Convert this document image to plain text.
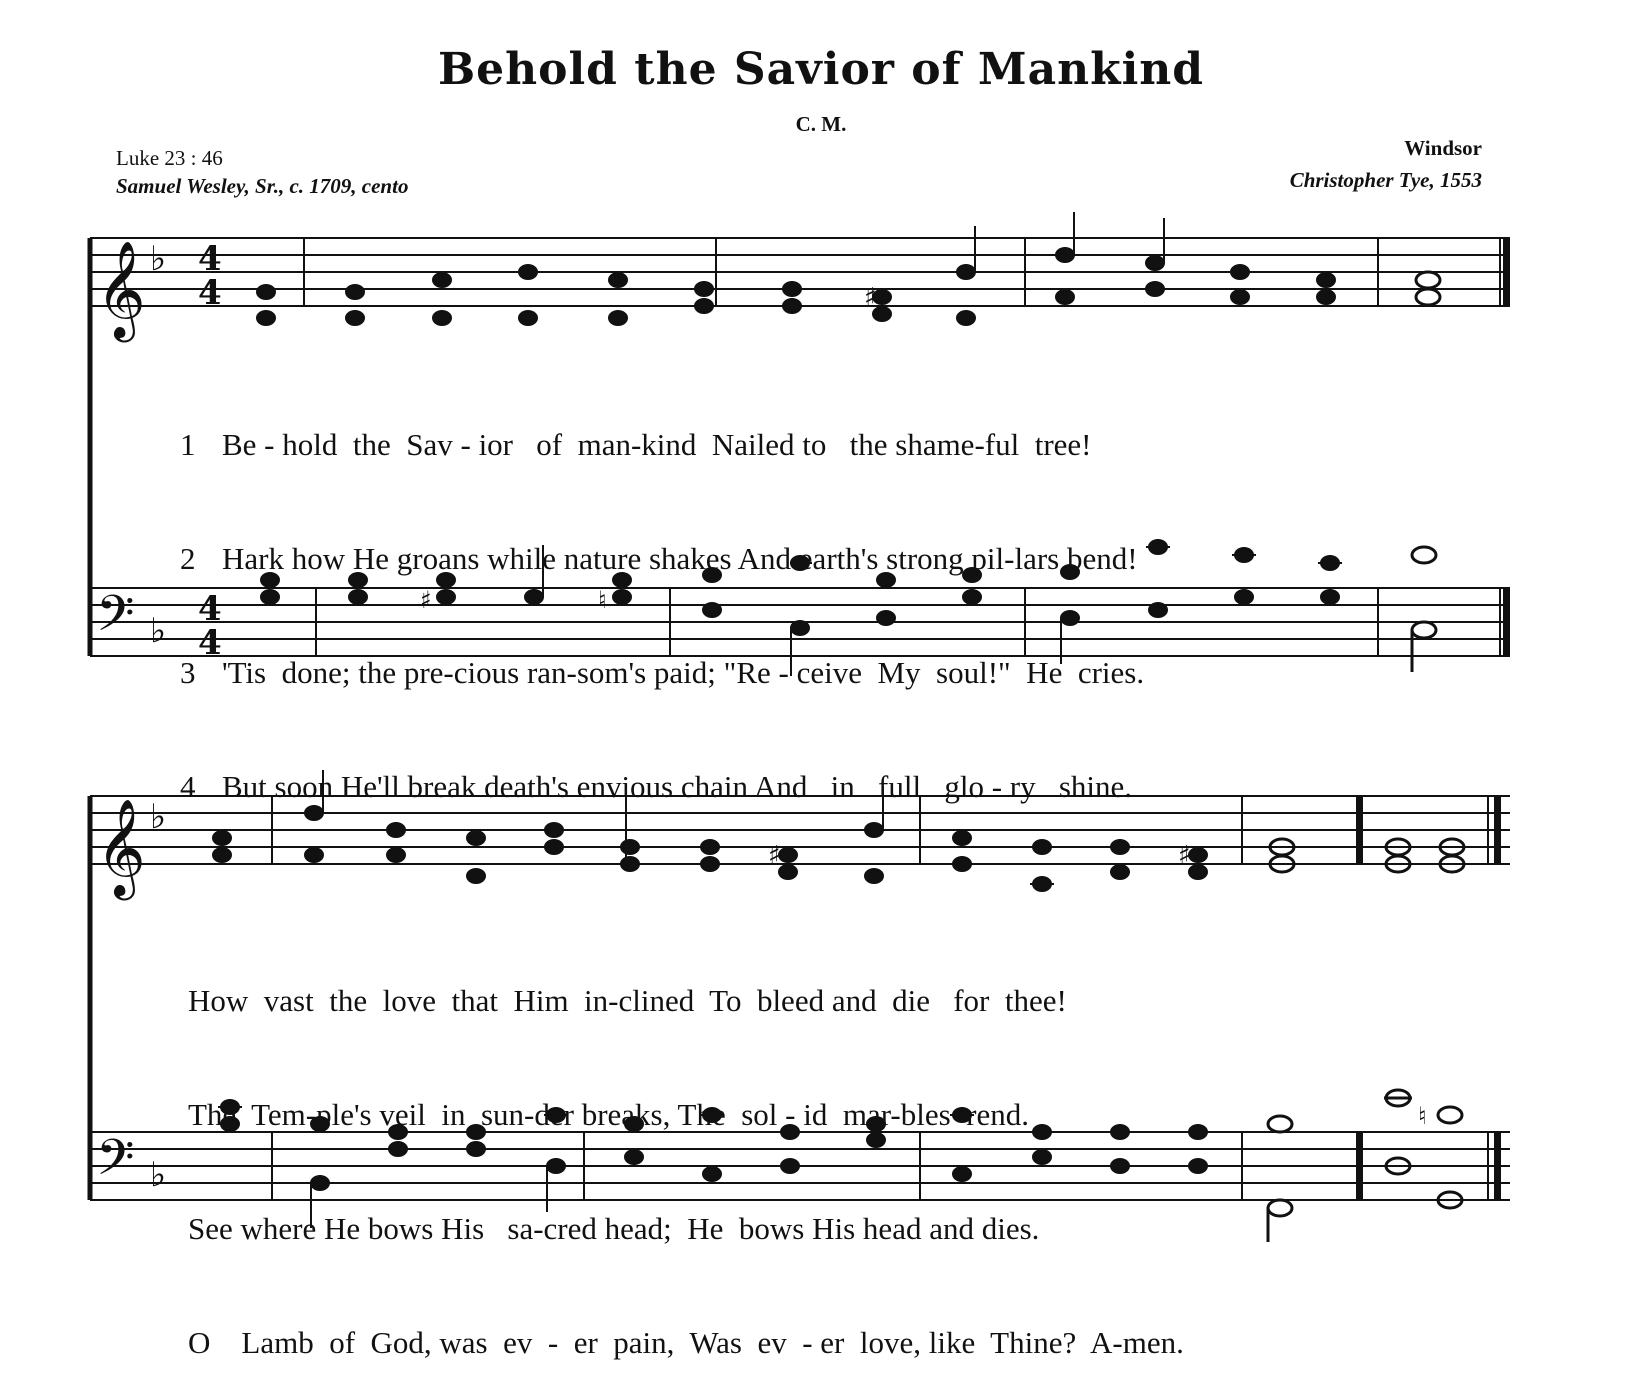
Behold the Savior of Mankind
C. M.
Luke 23 : 46
Samuel Wesley, Sr., c. 1709, cento
Windsor
Christopher Tye, 1553
𝄞 ♭ 4
4	♯
𝄢 ♭
4
4
♯	♮
𝄞 ♭
♯	♯
𝄢 ♭
♮

1 Be - hold  the  Sav - ior   of  man-kind  Nailed to   the shame-ful  tree!

2 Hark how He groans while nature shakes And earth's strong pil-lars bend!

3 'Tis  done; the pre-cious ran-som's paid; "Re - ceive  My  soul!"  He  cries.

4 But soon He'll break death's envious chain And   in   full   glo - ry   shine.

How  vast  the  love  that  Him  in-clined  To  bleed and  die   for  thee!

The  Tem-ple's veil  in  sun-der breaks, The  sol - id  mar-bles  rend.

See where He bows His   sa-cred head;  He  bows His head and dies.

O    Lamb  of  God, was  ev  -  er  pain,  Was  ev  - er  love, like  Thine?  A-men.
